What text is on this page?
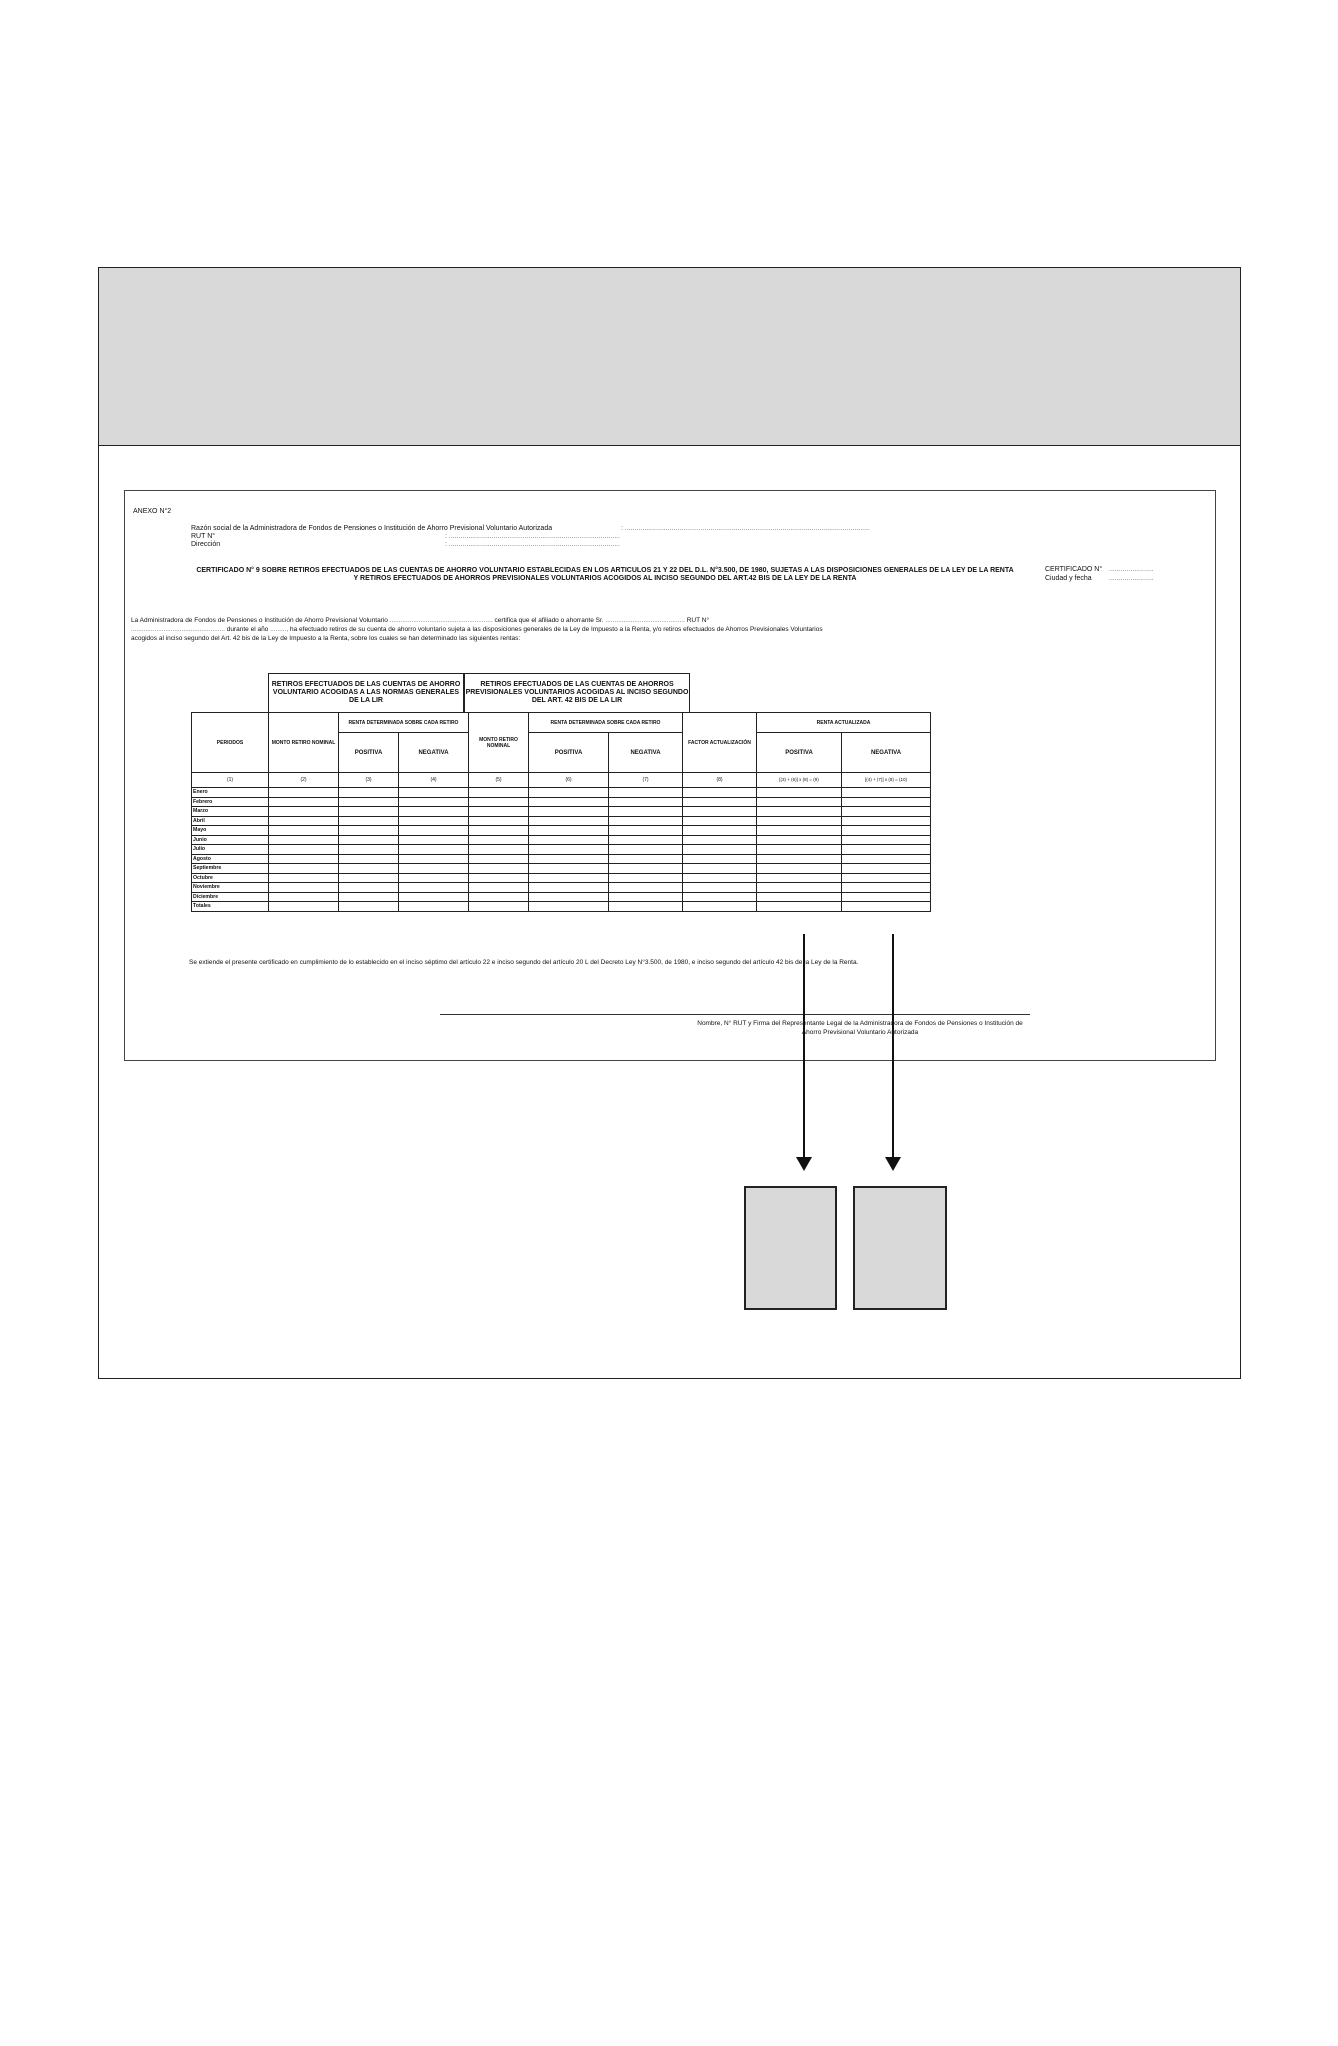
ANEXO N°2
Razón social de la Administradora de Fondos de Pensiones o Institución de Ahorro Previsional Voluntario Autorizada	: ..............................................................................................................................
RUT N°	: ........................................................................................
Dirección	: ........................................................................................
CERTIFICADO N° 9 SOBRE RETIROS EFECTUADOS DE LAS CUENTAS DE AHORRO VOLUNTARIO ESTABLECIDAS EN LOS ARTICULOS 21 Y 22 DEL D.L. N°3.500, DE 1980, SUJETAS A LAS DISPOSICIONES GENERALES DE LA LEY DE LA RENTA Y RETIROS EFECTUADOS DE AHORROS PREVISIONALES VOLUNTARIOS ACOGIDOS AL INCISO SEGUNDO DEL ART.42 BIS DE LA LEY DE LA RENTA
CERTIFICADO N° .......................
Ciudad y fecha .......................
La Administradora de Fondos de Pensiones o Institución de Ahorro Previsional Voluntario ......................................................... certifica que el afiliado o ahorrante Sr. ............................................ RUT N°
.................................................... durante el año ........., ha efectuado retiros de su cuenta de ahorro voluntario sujeta a las disposiciones generales de la Ley de Impuesto a la Renta, y/o retiros efectuados de Ahorros Previsionales Voluntarios
acogidos al inciso segundo del Art. 42 bis de la Ley de Impuesto a la Renta, sobre los cuales se han determinado las siguientes rentas:
RETIROS EFECTUADOS DE LAS CUENTAS DE AHORRO VOLUNTARIO ACOGIDAS A LAS NORMAS GENERALES DE LA LIR
RETIROS EFECTUADOS DE LAS CUENTAS DE AHORROS PREVISIONALES VOLUNTARIOS ACOGIDAS AL INCISO SEGUNDO DEL ART. 42 BIS DE LA LIR
PERIODOS	MONTO RETIRO NOMINAL	RENTA DETERMINADA SOBRE CADA RETIRO		MONTO RETIRO NOMINAL	RENTA DETERMINADA SOBRE CADA RETIRO		FACTOR ACTUALIZACIÓN	RENTA ACTUALIZADA	
		POSITIVA	NEGATIVA		POSITIVA	NEGATIVA		POSITIVA	NEGATIVA
(1)	(2)	(3)	(4)	(5)	(6)	(7)	(8)	[(3) + (6)] x (8) = (9)	[(4) + (7)] x (8) = (10)
Enero									
Febrero									
Marzo									
Abril									
Mayo									
Junio									
Julio									
Agosto									
Septiembre									
Octubre									
Noviembre									
Diciembre									
Totales									
Se extiende el presente certificado en cumplimiento de lo establecido en el inciso séptimo del artículo 22 e inciso segundo del artículo 20 L del Decreto Ley N°3.500, de 1980, e inciso segundo del artículo 42 bis de la Ley de la Renta.
Nombre, N° RUT y Firma del Representante Legal de la Administradora de Fondos de Pensiones o Institución de Ahorro Previsional Voluntario Autorizada
